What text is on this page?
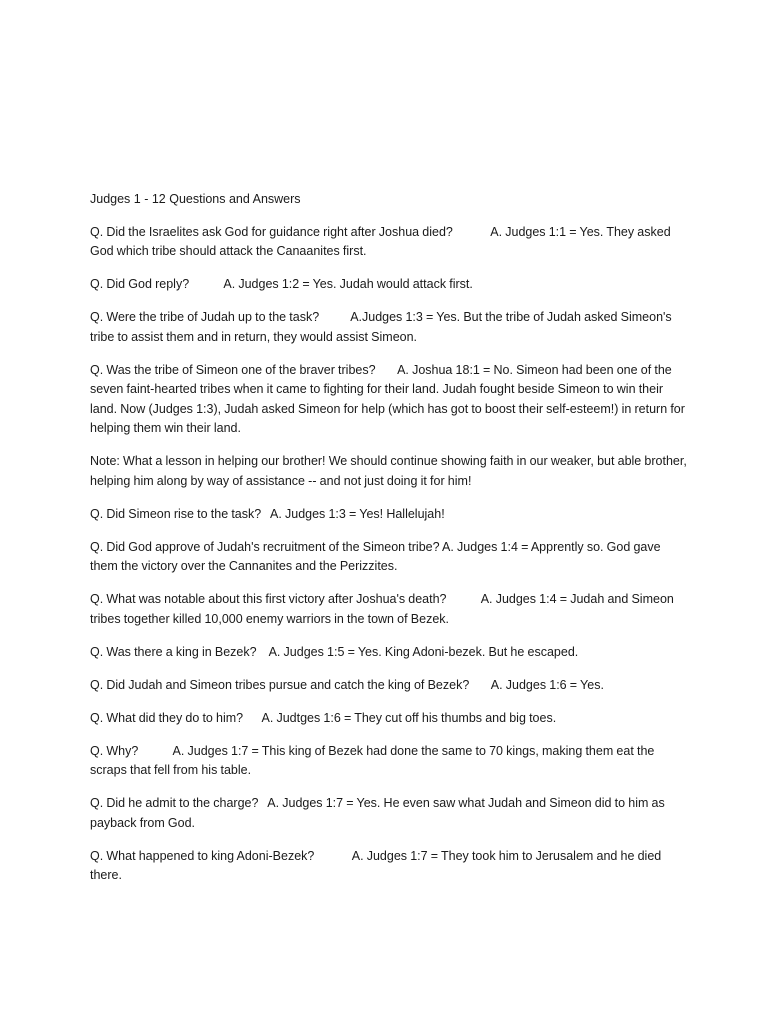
Judges 1 - 12 Questions and Answers

Q. Did the Israelites ask God for guidance right after Joshua died?            A. Judges 1:1 = Yes. They asked God which tribe should attack the Canaanites first.

Q. Did God reply?           A. Judges 1:2 = Yes. Judah would attack first.

Q. Were the tribe of Judah up to the task?          A.Judges 1:3 = Yes. But the tribe of Judah asked Simeon's tribe to assist them and in return, they would assist Simeon.

Q. Was the tribe of Simeon one of the braver tribes?       A. Joshua 18:1 = No. Simeon had been one of the seven faint-hearted tribes when it came to fighting for their land. Judah fought beside Simeon to win their land. Now (Judges 1:3), Judah asked Simeon for help (which has got to boost their self-esteem!) in return for helping them win their land.

Note: What a lesson in helping our brother! We should continue showing faith in our weaker, but able brother, helping him along by way of assistance -- and not just doing it for him!

Q. Did Simeon rise to the task?   A. Judges 1:3 = Yes! Hallelujah!

Q. Did God approve of Judah's recruitment of the Simeon tribe? A. Judges 1:4 = Apprently so. God gave them the victory over the Cannanites and the Perizzites.

Q. What was notable about this first victory after Joshua's death?           A. Judges 1:4 = Judah and Simeon tribes together killed 10,000 enemy warriors in the town of Bezek.

Q. Was there a king in Bezek?    A. Judges 1:5 = Yes. King Adoni-bezek. But he escaped.

Q. Did Judah and Simeon tribes pursue and catch the king of Bezek?       A. Judges 1:6 = Yes.

Q. What did they do to him?      A. Judtges 1:6 = They cut off his thumbs and big toes.

Q. Why?           A. Judges 1:7 = This king of Bezek had done the same to 70 kings, making them eat the scraps that fell from his table.

Q. Did he admit to the charge?   A. Judges 1:7 = Yes. He even saw what Judah and Simeon did to him as payback from God.

Q. What happened to king Adoni-Bezek?            A. Judges 1:7 = They took him to Jerusalem and he died there.
